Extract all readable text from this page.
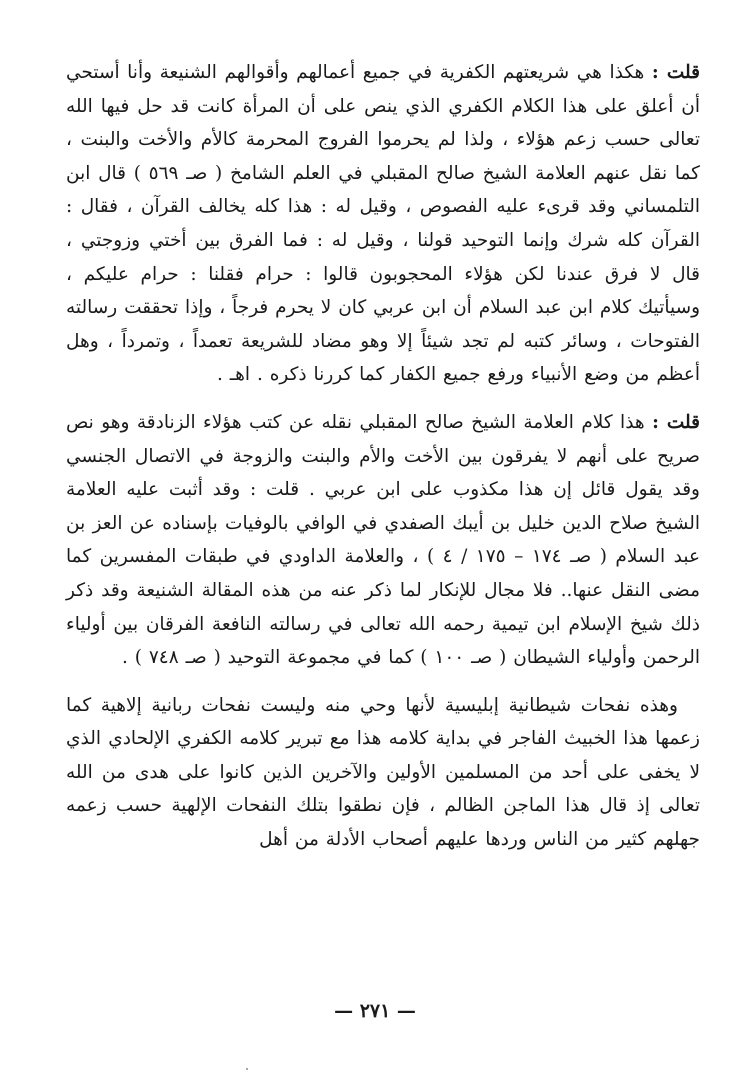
قلت : هكذا هي شريعتهم الكفرية في جميع أعمالهم وأقوالهم الشنيعة وأنا أستحي أن أعلق على هذا الكلام الكفري الذي ينص على أن المرأة كانت قد حل فيها الله تعالى حسب زعم هؤلاء ، ولذا لم يحرموا الفروج المحرمة كالأم والأخت والبنت ، كما نقل عنهم العلامة الشيخ صالح المقبلي في العلم الشامخ ( صـ ٥٦٩ ) قال ابن التلمساني وقد قرىء عليه الفصوص ، وقيل له : هذا كله يخالف القرآن ، فقال : القرآن كله شرك وإنما التوحيد قولنا ، وقيل له : فما الفرق بين أختي وزوجتي ، قال لا فرق عندنا لكن هؤلاء المحجوبون قالوا : حرام فقلنا : حرام عليكم ، وسيأتيك كلام ابن عبد السلام أن ابن عربي كان لا يحرم فرجاً ، وإذا تحققت رسالته الفتوحات ، وسائر كتبه لم تجد شيئاً إلا وهو مضاد للشريعة تعمداً ، وتمرداً ، وهل أعظم من وضع الأنبياء ورفع جميع الكفار كما كررنا ذكره . اهـ .

قلت : هذا كلام العلامة الشيخ صالح المقبلي نقله عن كتب هؤلاء الزنادقة وهو نص صريح على أنهم لا يفرقون بين الأخت والأم والبنت والزوجة في الاتصال الجنسي وقد يقول قائل إن هذا مكذوب على ابن عربي . قلت : وقد أثبت عليه العلامة الشيخ صلاح الدين خليل بن أيبك الصفدي في الوافي بالوفيات بإسناده عن العز بن عبد السلام ( صـ ١٧٤ – ١٧٥ / ٤ ) ، والعلامة الداودي في طبقات المفسرين كما مضى النقل عنها.. فلا مجال للإنكار لما ذكر عنه من هذه المقالة الشنيعة وقد ذكر ذلك شيخ الإسلام ابن تيمية رحمه الله تعالى في رسالته النافعة الفرقان بين أولياء الرحمن وأولياء الشيطان ( صـ ١٠٠ ) كما في مجموعة التوحيد ( صـ ٧٤٨ ) .

وهذه نفحات شيطانية إبليسية لأنها وحي منه وليست نفحات ربانية إلاهية كما زعمها هذا الخبيث الفاجر في بداية كلامه هذا مع تبرير كلامه الكفري الإلحادي الذي لا يخفى على أحد من المسلمين الأولين والآخرين الذين كانوا على هدى من الله تعالى إذ قال هذا الماجن الظالم ، فإن نطقوا بتلك النفحات الإلهية حسب زعمه جهلهم كثير من الناس وردها عليهم أصحاب الأدلة من أهل

— ٢٧١ —
